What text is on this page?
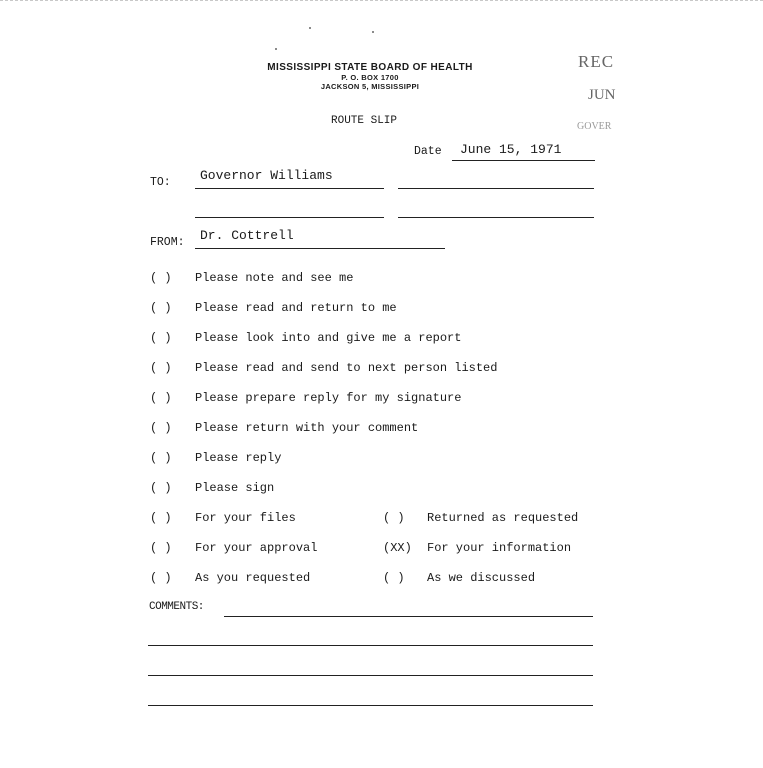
MISSISSIPPI STATE BOARD OF HEALTH
P. O. BOX 1700
JACKSON 5, MISSISSIPPI
REC
JUN
GOVER
ROUTE SLIP
Date June 15, 1971
TO: Governor Williams
FROM: Dr. Cottrell
( ) Please note and see me
( ) Please read and return to me
( ) Please look into and give me a report
( ) Please read and send to next person listed
( ) Please prepare reply for my signature
( ) Please return with your comment
( ) Please reply
( ) Please sign
( ) For your files	( ) Returned as requested
( ) For your approval	(XX) For your information
( ) As you requested	( ) As we discussed
COMMENTS:
